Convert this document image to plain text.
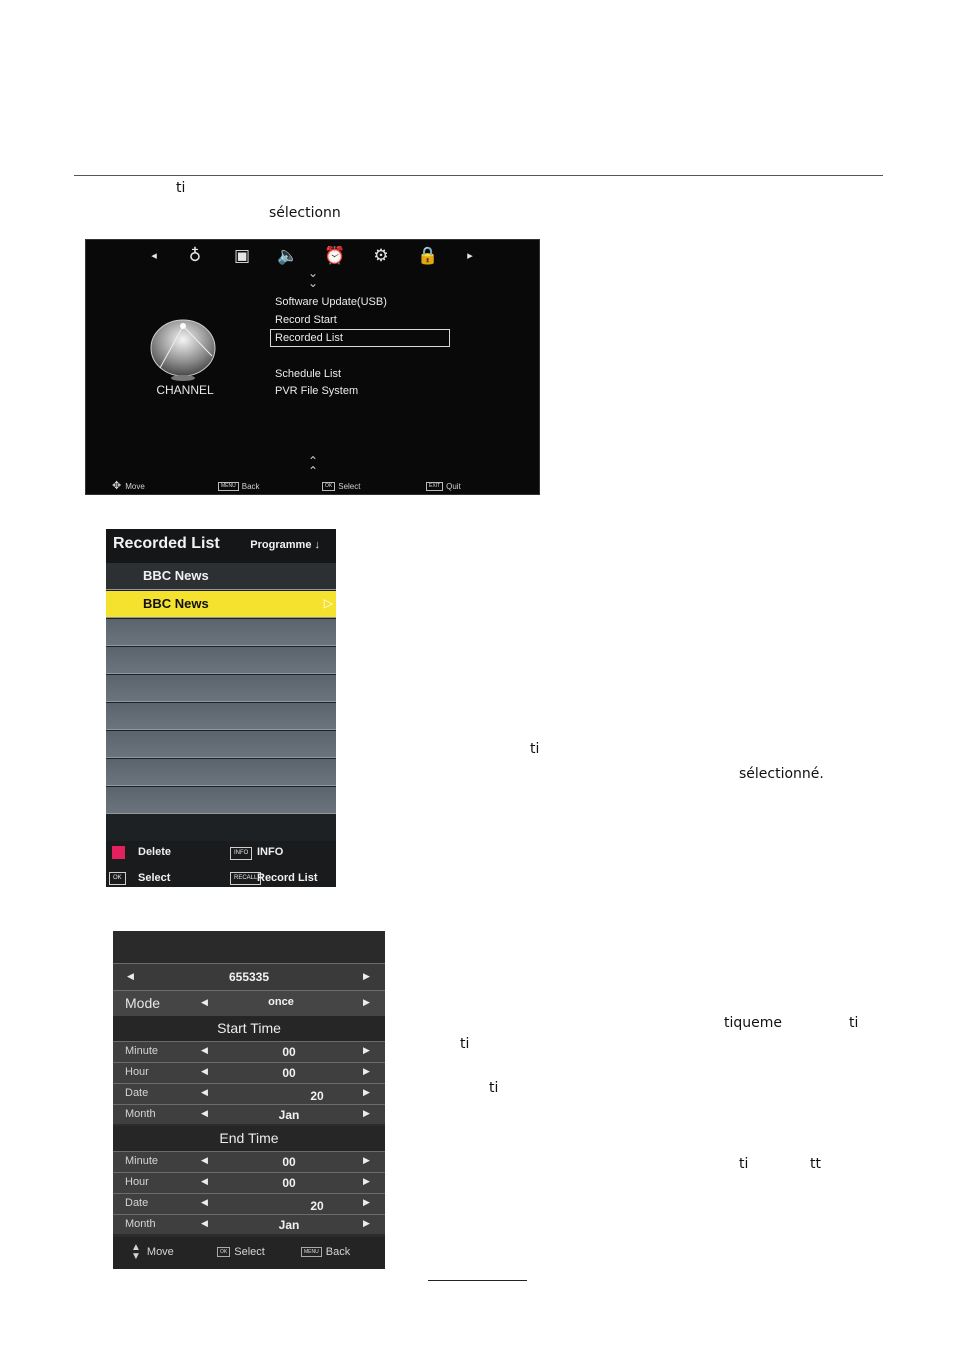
ti
sélectionn
ti
sélectionné.
tiqueme	ti
ti
ti
ti	tt
◂	♁	▣ 🔈 ⏰ ⚙ 🔒	▸
⌄
⌄
CHANNEL
Software Update(USB)
Record Start
Recorded List
Schedule List
PVR File System
⌃
⌃
✥ Move	MENU Back	OK Select	EXIT Quit
Recorded List	Programme ↓
BBC News
BBC News	▷
Delete	INFO INFO
OK	Select	RECALL Record List
◀	655335	▶
Mode	◀	once	▶
Start Time
Minute	◀	00	▶
Hour	◀	00	▶
Date	◀	20	▶
Month	◀	Jan	▶
End Time
Minute	◀	00	▶
Hour	◀	00	▶
Date	◀	20	▶
Month	◀	Jan	▶
▲
▼ Move	OK Select	MENU Back
